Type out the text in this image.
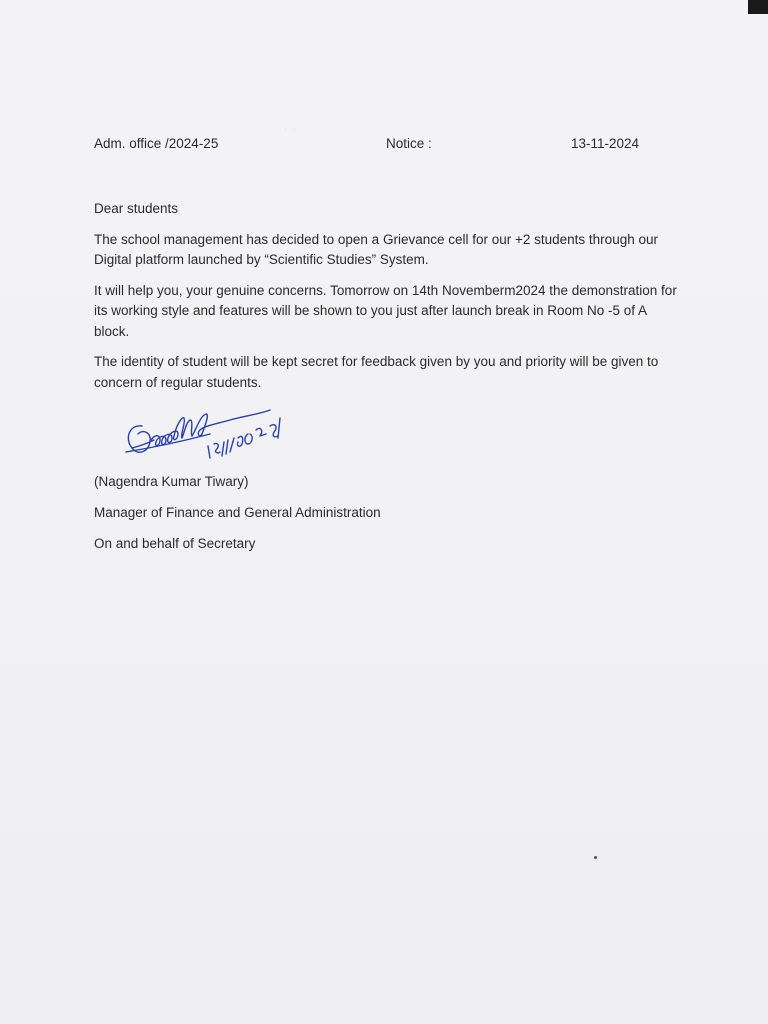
· ··
Adm. office /2024-25	Notice :	13-11-2024

Dear students

The school management has decided to open a Grievance cell for our +2 students through our Digital platform launched by “Scientific Studies” System.

It will help you, your genuine concerns. Tomorrow on 14th Novemberm2024 the demonstration for its working style and features will be shown to you just after launch break in Room No -5 of A block.

The identity of student will be kept secret for feedback given by you and priority will be given to concern of regular students.

(Nagendra Kumar Tiwary)
Manager of Finance and General Administration
On and behalf of Secretary
